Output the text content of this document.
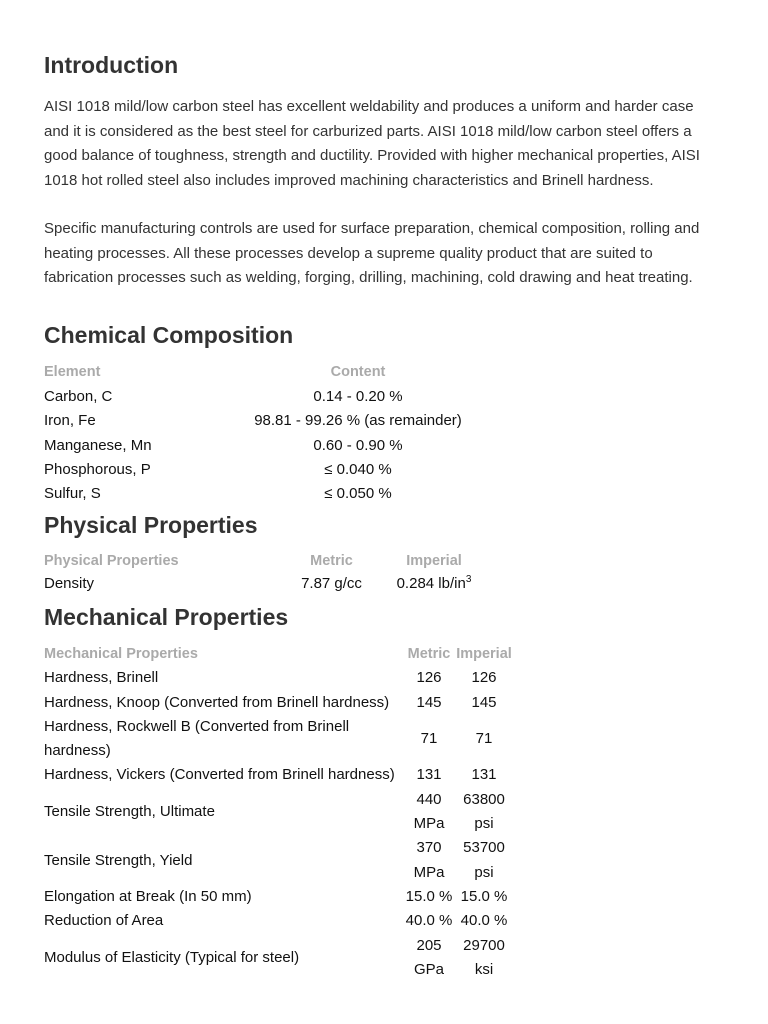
Introduction

AISI 1018 mild/low carbon steel has excellent weldability and produces a uniform and harder case and it is considered as the best steel for carburized parts. AISI 1018 mild/low carbon steel offers a good balance of toughness, strength and ductility. Provided with higher mechanical properties, AISI 1018 hot rolled steel also includes improved machining characteristics and Brinell hardness.

Specific manufacturing controls are used for surface preparation, chemical composition, rolling and heating processes. All these processes develop a supreme quality product that are suited to fabrication processes such as welding, forging, drilling, machining, cold drawing and heat treating.

Chemical Composition
Element	Content
Carbon, C	0.14 - 0.20 %
Iron, Fe	98.81 - 99.26 % (as remainder)
Manganese, Mn	0.60 - 0.90 %
Phosphorous, P	≤ 0.040 %
Sulfur, S	≤ 0.050 %
Physical Properties
Physical Properties	Metric	Imperial
Density	7.87 g/cc	0.284 $lb/in^3$
Mechanical Properties
Mechanical Properties	Metric	Imperial
Hardness, Brinell	126	126
Hardness, Knoop (Converted from Brinell hardness)	145	145
Hardness, Rockwell B (Converted from Brinell hardness)	71	71
Hardness, Vickers (Converted from Brinell hardness)	131	131
Tensile Strength, Ultimate	440 MPa	63800 psi
Tensile Strength, Yield	370 MPa	53700 psi
Elongation at Break (In 50 mm)	15.0 %	15.0 %
Reduction of Area	40.0 %	40.0 %
Modulus of Elasticity (Typical for steel)	205 GPa	29700 ksi
